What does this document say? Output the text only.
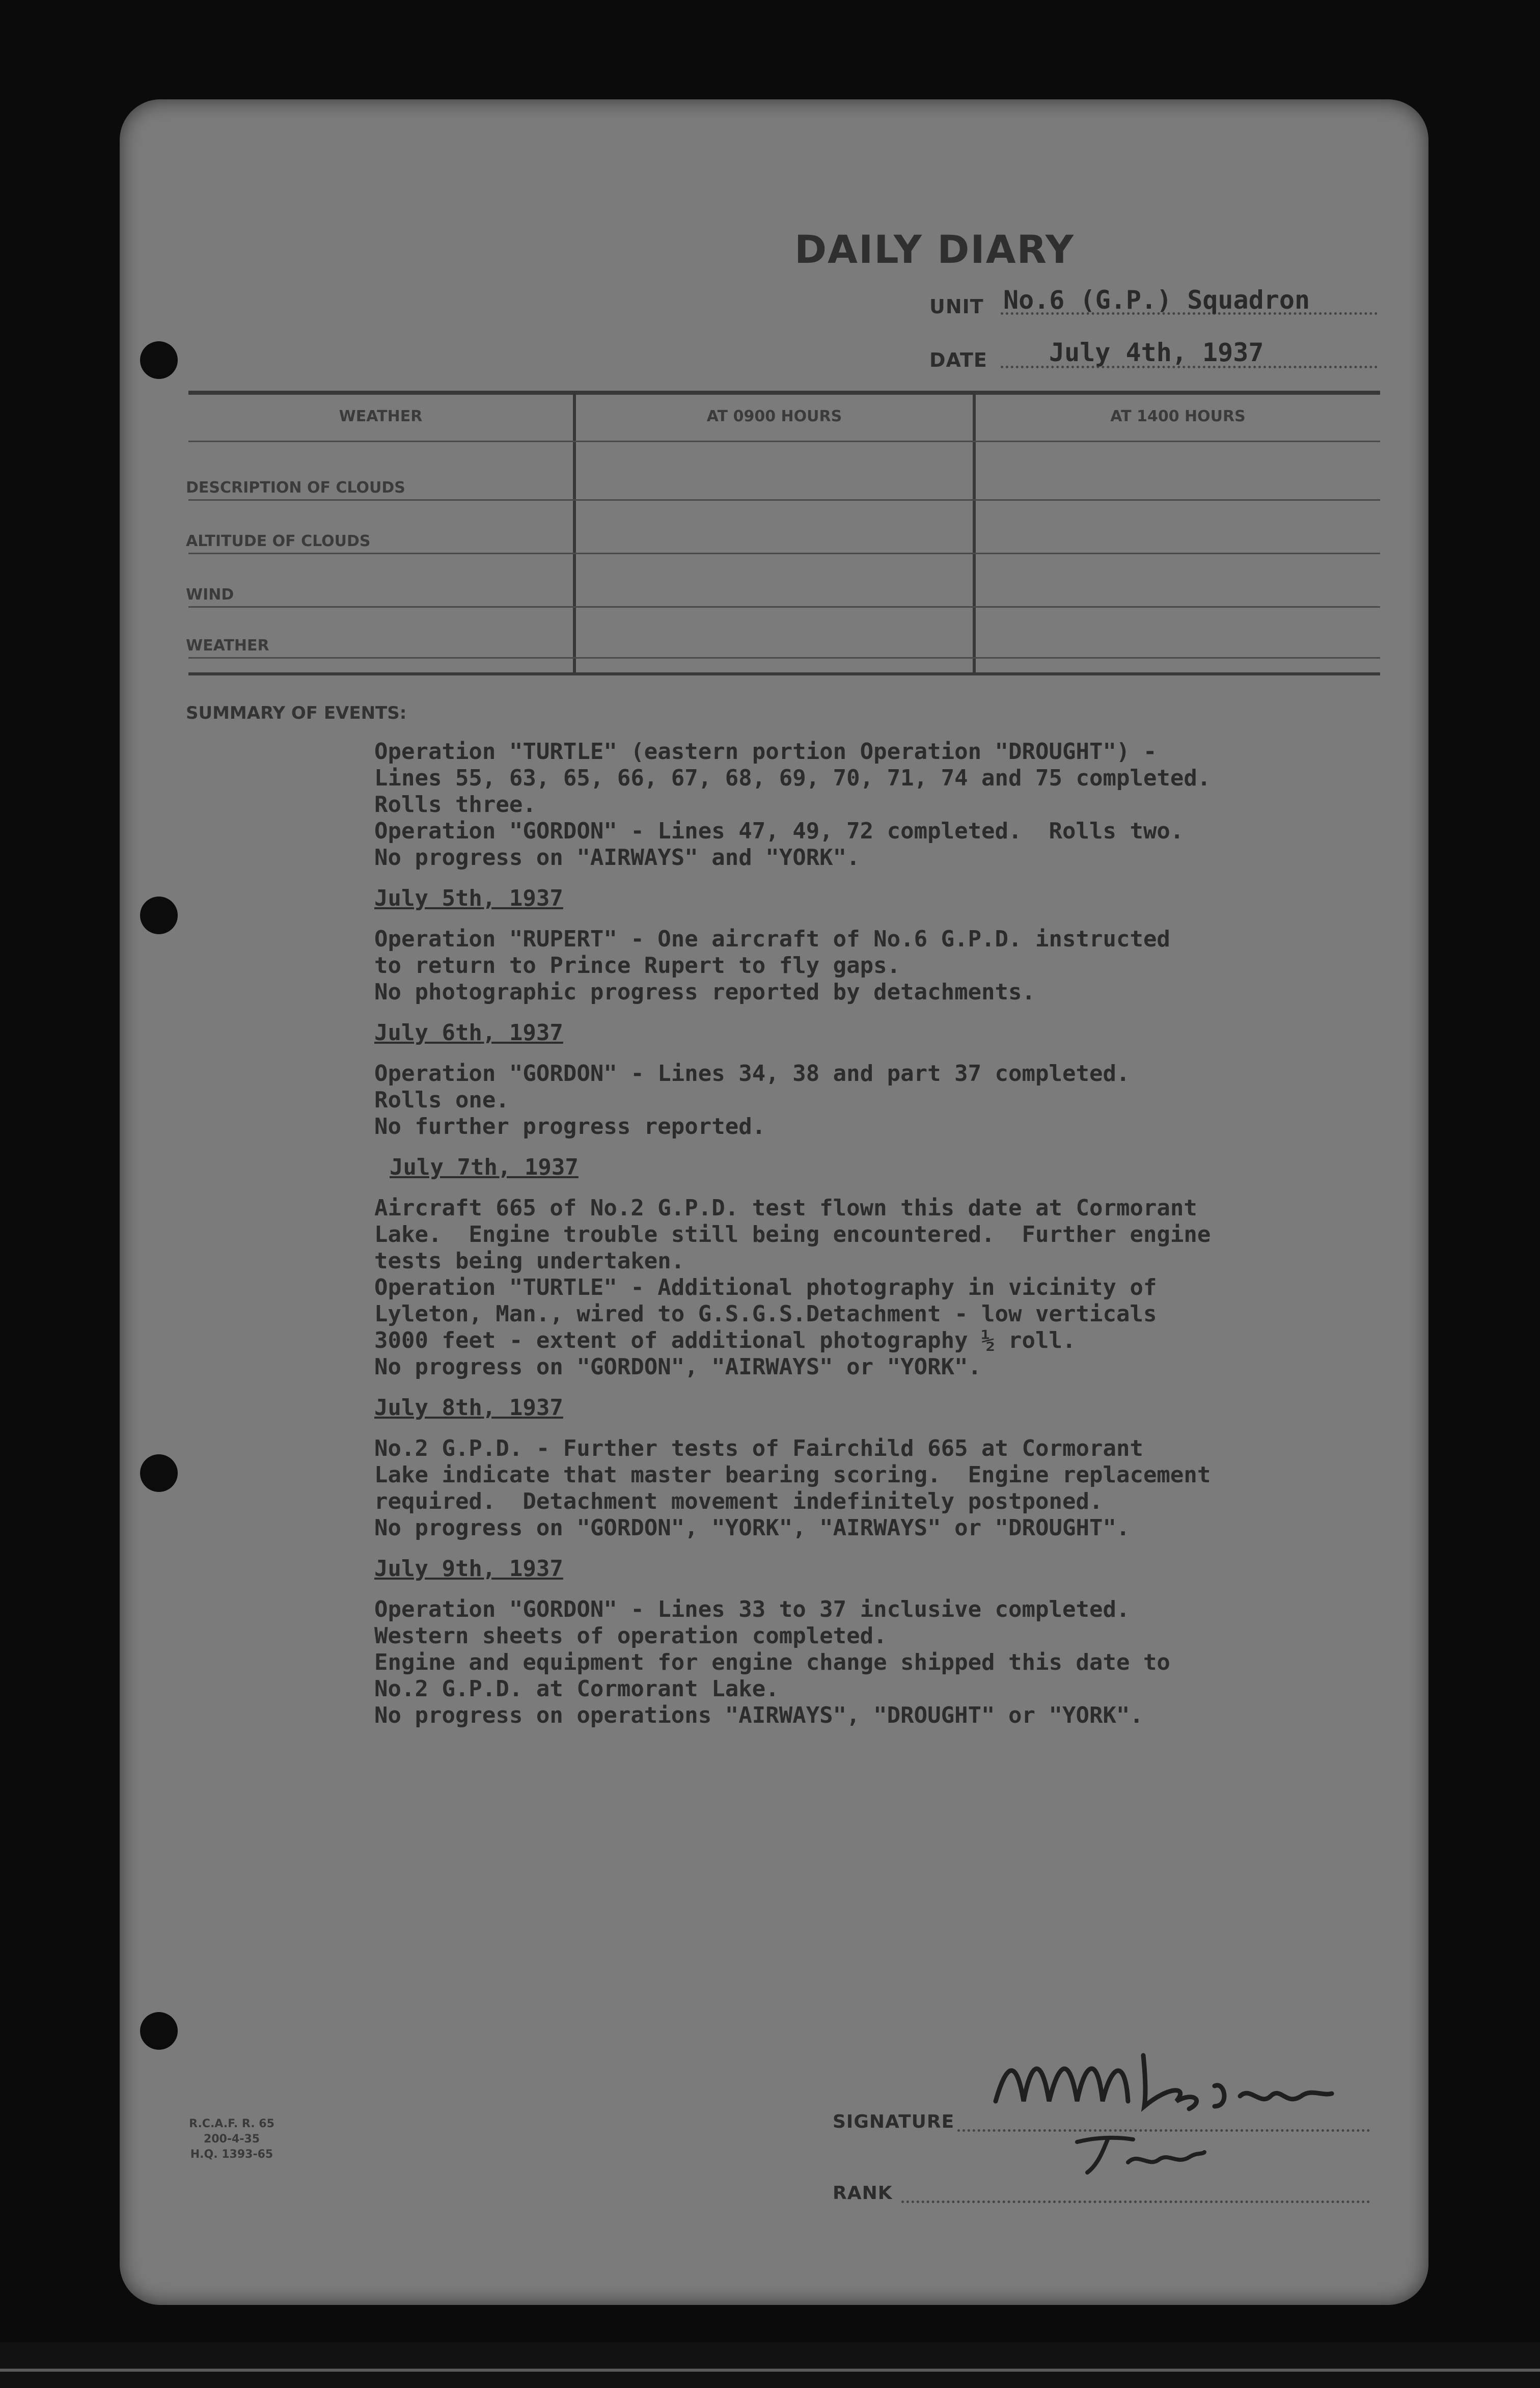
DAILY DIARY
UNIT No.6 (G.P.) Squadron
DATE July 4th, 1937
WEATHER	AT 0900 HOURS	AT 1400 HOURS
DESCRIPTION OF CLOUDS
ALTITUDE OF CLOUDS
WIND
WEATHER
SUMMARY OF EVENTS:

Operation "TURTLE" (eastern portion Operation "DROUGHT") -

Lines 55, 63, 65, 66, 67, 68, 69, 70, 71, 74 and 75 completed.

Rolls three.

Operation "GORDON" - Lines 47, 49, 72 completed.  Rolls two.

No progress on "AIRWAYS" and "YORK".

July 5th, 1937

Operation "RUPERT" - One aircraft of No.6 G.P.D. instructed

to return to Prince Rupert to fly gaps.

No photographic progress reported by detachments.

July 6th, 1937

Operation "GORDON" - Lines 34, 38 and part 37 completed.

Rolls one.

No further progress reported.

July 7th, 1937

Aircraft 665 of No.2 G.P.D. test flown this date at Cormorant

Lake.  Engine trouble still being encountered.  Further engine

tests being undertaken.

Operation "TURTLE" - Additional photography in vicinity of

Lyleton, Man., wired to G.S.G.S.Detachment - low verticals

3000 feet - extent of additional photography ½ roll.

No progress on "GORDON", "AIRWAYS" or "YORK".

July 8th, 1937

No.2 G.P.D. - Further tests of Fairchild 665 at Cormorant

Lake indicate that master bearing scoring.  Engine replacement

required.  Detachment movement indefinitely postponed.

No progress on "GORDON", "YORK", "AIRWAYS" or "DROUGHT".

July 9th, 1937

Operation "GORDON" - Lines 33 to 37 inclusive completed.

Western sheets of operation completed.

Engine and equipment for engine change shipped this date to

No.2 G.P.D. at Cormorant Lake.

No progress on operations "AIRWAYS", "DROUGHT" or "YORK".

R.C.A.F. R. 65
200-4-35
H.Q. 1393-65
SIGNATURE
RANK
